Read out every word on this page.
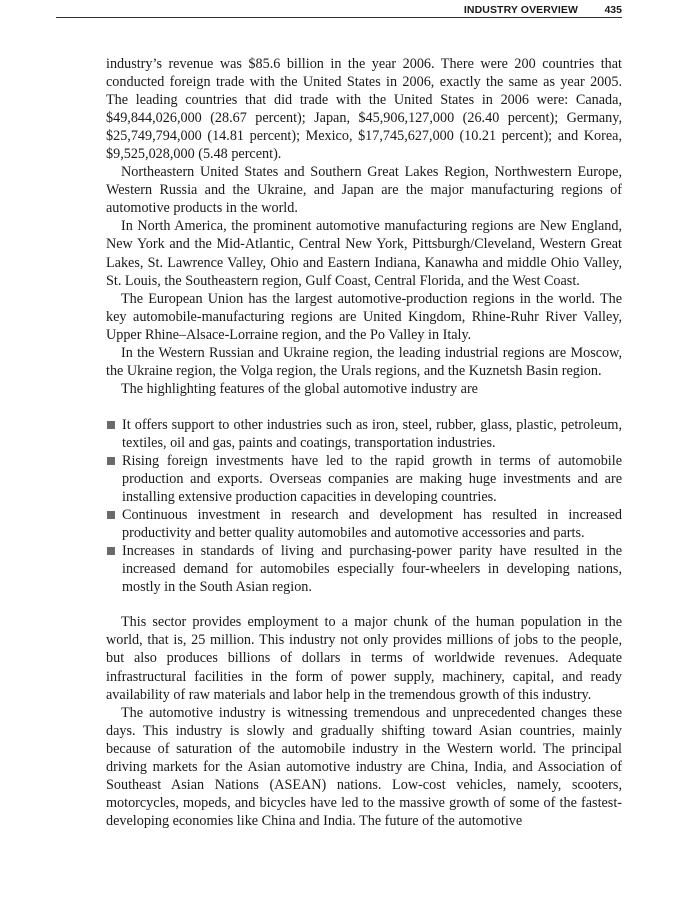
INDUSTRY OVERVIEW	435

industry’s revenue was $85.6 billion in the year 2006. There were 200 countries that conducted foreign trade with the United States in 2006, exactly the same as year 2005. The leading countries that did trade with the United States in 2006 were: Canada, $49,844,026,000 (28.67 percent); Japan, $45,906,127,000 (26.40 percent); Germany, $25,749,794,000 (14.81 percent); Mexico, $17,745,627,000 (10.21 percent); and Korea, $9,525,028,000 (5.48 percent).

Northeastern United States and Southern Great Lakes Region, Northwestern Europe, Western Russia and the Ukraine, and Japan are the major manufacturing regions of automotive products in the world.

In North America, the prominent automotive manufacturing regions are New England, New York and the Mid-Atlantic, Central New York, Pittsburgh/Cleveland, Western Great Lakes, St. Lawrence Valley, Ohio and Eastern Indiana, Kanawha and middle Ohio Valley, St. Louis, the Southeastern region, Gulf Coast, Central Florida, and the West Coast.

The European Union has the largest automotive-production regions in the world. The key automobile-manufacturing regions are United Kingdom, Rhine-Ruhr River Valley, Upper Rhine–Alsace-Lorraine region, and the Po Valley in Italy.

In the Western Russian and Ukraine region, the leading industrial regions are Moscow, the Ukraine region, the Volga region, the Urals regions, and the Kuznetsh Basin region.

The highlighting features of the global automotive industry are

It offers support to other industries such as iron, steel, rubber, glass, plastic, petroleum, textiles, oil and gas, paints and coatings, transportation industries.
Rising foreign investments have led to the rapid growth in terms of automobile production and exports. Overseas companies are making huge investments and are installing extensive production capacities in developing countries.
Continuous investment in research and development has resulted in increased productivity and better quality automobiles and automotive accessories and parts.
Increases in standards of living and purchasing-power parity have resulted in the increased demand for automobiles especially four-wheelers in developing nations, mostly in the South Asian region.

This sector provides employment to a major chunk of the human population in the world, that is, 25 million. This industry not only provides millions of jobs to the people, but also produces billions of dollars in terms of worldwide revenues. Adequate infrastructural facilities in the form of power supply, machinery, capital, and ready availability of raw materials and labor help in the tremendous growth of this industry.

The automotive industry is witnessing tremendous and unprecedented changes these days. This industry is slowly and gradually shifting toward Asian countries, mainly because of saturation of the automobile industry in the Western world. The principal driving markets for the Asian automotive industry are China, India, and Association of Southeast Asian Nations (ASEAN) nations. Low-cost vehicles, namely, scooters, motorcycles, mopeds, and bicycles have led to the massive growth of some of the fastest-developing economies like China and India. The future of the automotive
